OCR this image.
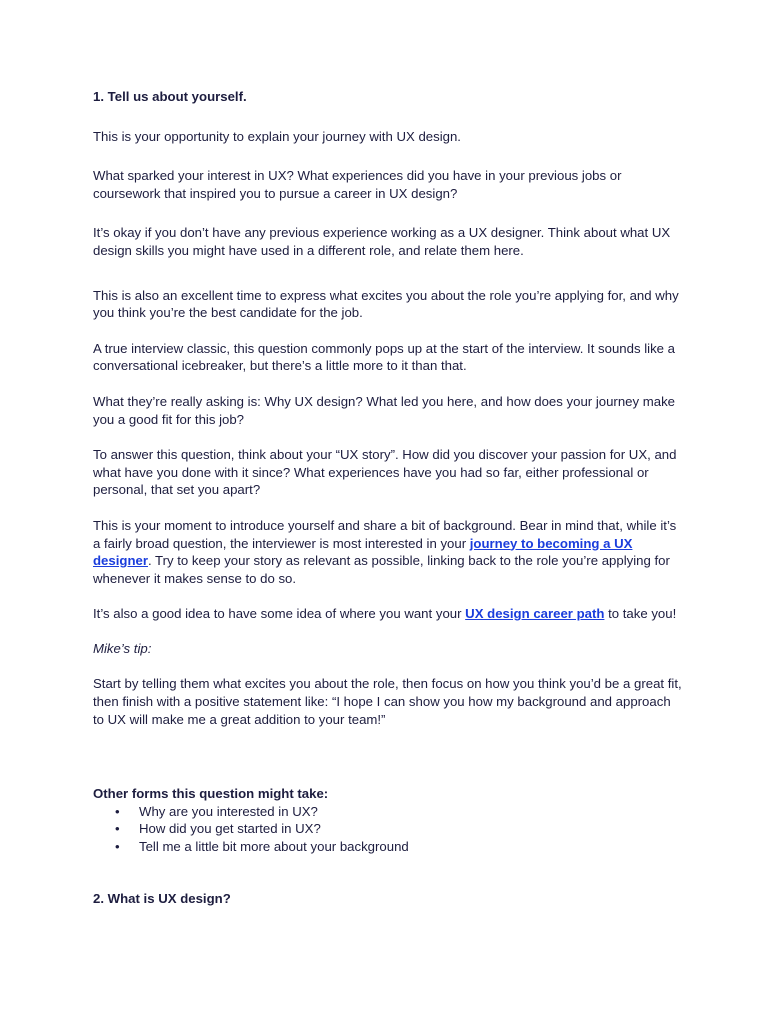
1. Tell us about yourself.

This is your opportunity to explain your journey with UX design.

What sparked your interest in UX? What experiences did you have in your previous jobs or coursework that inspired you to pursue a career in UX design?

It’s okay if you don’t have any previous experience working as a UX designer. Think about what UX design skills you might have used in a different role, and relate them here.

This is also an excellent time to express what excites you about the role you’re applying for, and why you think you’re the best candidate for the job.

A true interview classic, this question commonly pops up at the start of the interview. It sounds like a conversational icebreaker, but there’s a little more to it than that.

What they’re really asking is: Why UX design? What led you here, and how does your journey make you a good fit for this job?

To answer this question, think about your “UX story”. How did you discover your passion for UX, and what have you done with it since? What experiences have you had so far, either professional or personal, that set you apart?

This is your moment to introduce yourself and share a bit of background. Bear in mind that, while it’s a fairly broad question, the interviewer is most interested in your journey to becoming a UX designer. Try to keep your story as relevant as possible, linking back to the role you’re applying for whenever it makes sense to do so.

It’s also a good idea to have some idea of where you want your UX design career path to take you!

Mike’s tip:

Start by telling them what excites you about the role, then focus on how you think you’d be a great fit, then finish with a positive statement like: “I hope I can show you how my background and approach to UX will make me a great addition to your team!”

Other forms this question might take:

• Why are you interested in UX?
• How did you get started in UX?
• Tell me a little bit more about your background

2. What is UX design?
